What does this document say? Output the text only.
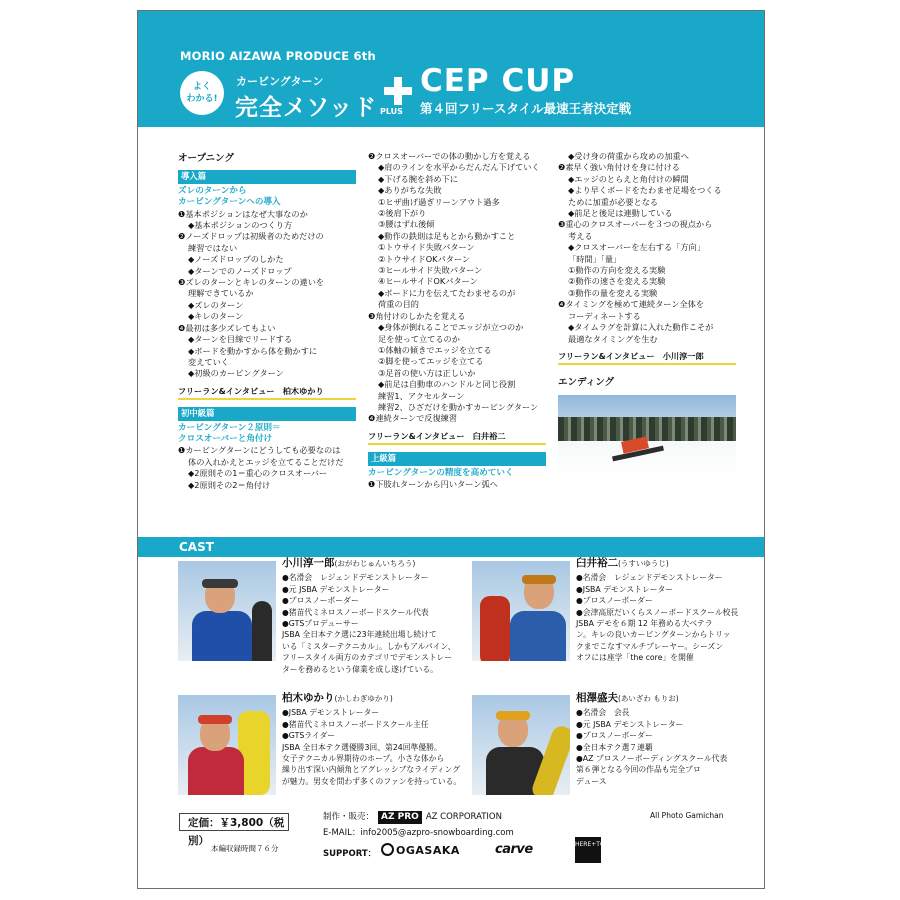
MORIO AIZAWA PRODUCE 6th
よく
わかる!
カービングターン
完全メソッド PLUS
CEP CUP
第４回フリースタイル最速王者決定戦
オープニング
導入篇
ズレのターンから
カービングターンへの導入
❶基本ポジションはなぜ大事なのか
◆基本ポジションのつくり方
❷ノーズドロップは初級者のためだけの
練習ではない
◆ノーズドロップのしかた
◆ターンでのノーズドロップ
❸ズレのターンとキレのターンの違いを
理解できているか
◆ズレのターン
◆キレのターン
❹最初は多少ズレてもよい
◆ターンを目線でリードする
◆ボードを動かすから体を動かすに
変えていく
◆初級のカービングターン
フリーラン&インタビュー　柏木ゆかり
初中級篇
カービングターン２原則＝
クロスオーバーと角付け
❶カービングターンにどうしても必要なのは
体の入れかえとエッジを立てることだけだ
◆2原則その1＝重心のクロスオーバー
◆2原則その2＝角付け
❷クロスオーバーでの体の動かし方を覚える
◆肩のラインを水平からだんだん下げていく
◆下げる腕を斜め下に
◆ありがちな失敗
①ヒザ曲げ過ぎリーンアウト過多
②後肩下がり
③腰はずれ後傾
◆動作の鉄則は足もとから動かすこと
①トウサイド失敗パターン
②トウサイドOKパターン
③ヒールサイド失敗パターン
④ヒールサイドOKパターン
◆ボードに力を伝えてたわませるのが
荷重の目的
❸角付けのしかたを覚える
◆身体が倒れることでエッジが立つのか
足を使って立てるのか
①体軸の傾きでエッジを立てる
②脚を使ってエッジを立てる
③足首の使い方は正しいか
◆前足は自動車のハンドルと同じ役割
練習1、アクセルターン
練習2、ひざだけを動かすカービングターン
❹連続ターンで反復練習
フリーラン&インタビュー　臼井裕二
上級篇
カービングターンの精度を高めていく
❶下肢れターンから円いターン弧へ
◆受け身の荷重から攻めの加重へ
❷素早く強い角付けを身に付ける
◆エッジのとらえと角付けの瞬間
◆より早くボードをたわませ足場をつくる
ために加重が必要となる
◆前足と後足は連動している
❸重心のクロスオーバーを３つの視点から
考える
◆クロスオーバーを左右する「方向」
「時間」「量」
①動作の方向を変える実験
②動作の速さを変える実験
③動作の量を変える実験
❹タイミングを極めて連続ターン全体を
コーディネートする
◆タイムラグを計算に入れた動作こそが
最適なタイミングを生む
フリーラン&インタビュー　小川淳一郎
エンディング
CAST
小川淳一郎(おがわじゅんいちろう)
●名滑会　レジェンドデモンストレーター
●元 JSBA デモンストレーター
●プロスノーボーダー
●猪苗代ミネロスノーボードスクール代表
●GTSプロデューサー
JSBA 全日本テク選に23年連続出場し続けて
いる「ミスターテクニカル」。しかもアルパイン、
フリースタイル両方のカテゴリでデモンストレー
ターを務めるという偉業を成し遂げている。
臼井裕二(うすいゆうじ)
●名滑会　レジェンドデモンストレーター
●JSBA デモンストレーター
●プロスノーボーダー
●会津高原だいくらスノーボードスクール校長
JSBA デモを６期 12 年務める大ベテラ
ン。キレの良いカービングターンからトリッ
クまでこなすマルチプレーヤー。シーズン
オフには座学「the core」を開催
柏木ゆかり(かしわぎゆかり)
●JSBA デモンストレーター
●猪苗代ミネロスノーボードスクール主任
●GTSライダー
JSBA 全日本テク選優勝3回、第24回準優勝。
女子テクニカル界期待のホープ。小さな体から
繰り出す深い内傾角とアグレッシブなライディング
が魅力。男女を問わず多くのファンを持っている。
相澤盛夫(あいざわ もりお)
●名滑会　会長
●元 JSBA デモンストレーター
●プロスノーボーダー
●全日本テク選７連覇
●AZ プロスノーボーディングスクール代表
第６弾となる今回の作品も完全プロ
デュース
定価：￥3,800（税別）
本編収録時間７６分
制作・販売： AZ PRO AZ CORPORATION
E-MAIL：info2005@azpro-snowboarding.com
SUPPORT：	OGASAKA	carve	HERE+TODAY
All Photo Gamichan
